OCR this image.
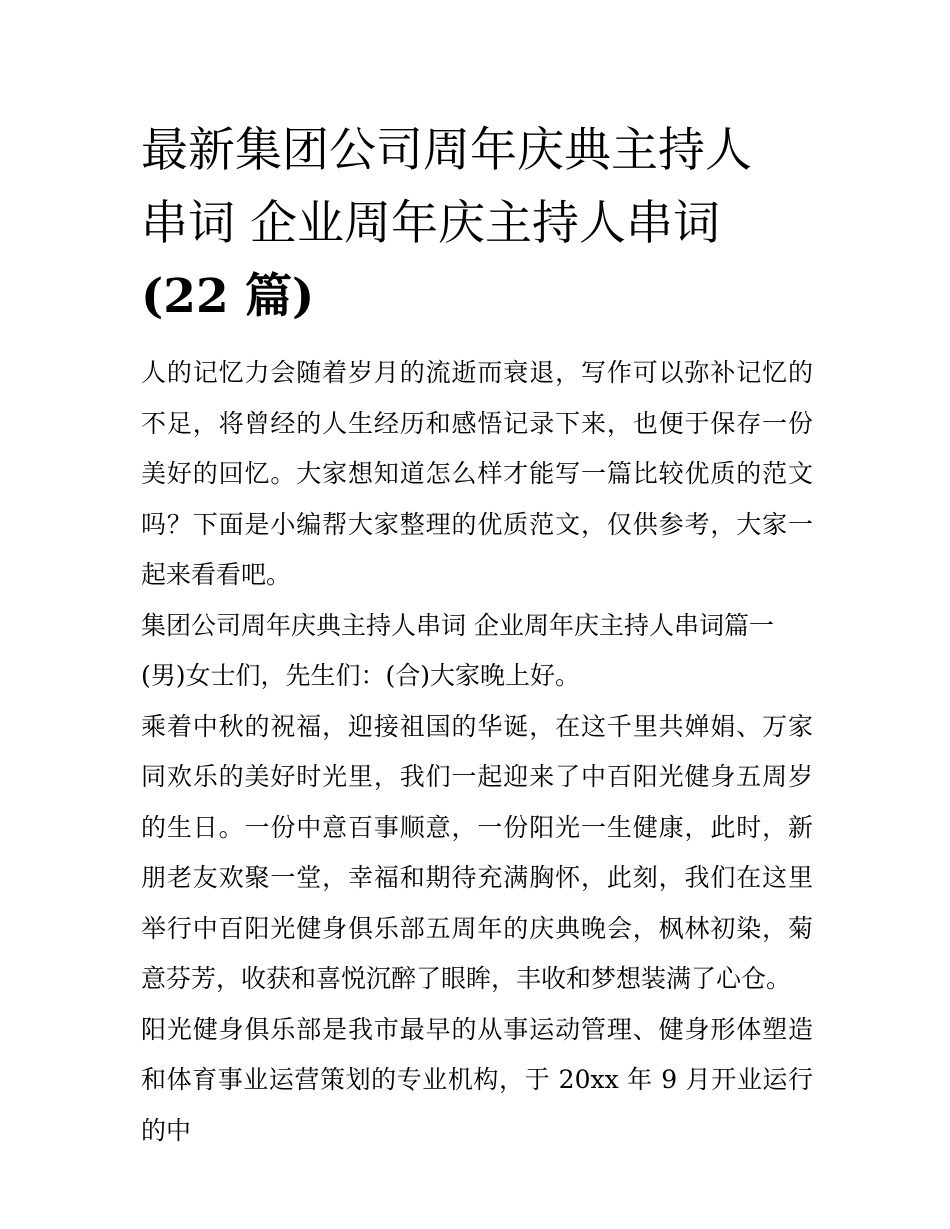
最新集团公司周年庆典主持人
串词 企业周年庆主持人串词
(22 篇)

人的记忆力会随着岁月的流逝而衰退，写作可以弥补记忆的不足，将曾经的人生经历和感悟记录下来，也便于保存一份美好的回忆。大家想知道怎么样才能写一篇比较优质的范文吗？下面是小编帮大家整理的优质范文，仅供参考，大家一起来看看吧。

集团公司周年庆典主持人串词 企业周年庆主持人串词篇一

(男)女士们，先生们：(合)大家晚上好。

乘着中秋的祝福，迎接祖国的华诞，在这千里共婵娟、万家同欢乐的美好时光里，我们一起迎来了中百阳光健身五周岁的生日。一份中意百事顺意，一份阳光一生健康，此时，新朋老友欢聚一堂，幸福和期待充满胸怀，此刻，我们在这里举行中百阳光健身俱乐部五周年的庆典晚会，枫林初染，菊意芬芳，收获和喜悦沉醉了眼眸，丰收和梦想装满了心仓。

阳光健身俱乐部是我市最早的从事运动管理、健身形体塑造和体育事业运营策划的专业机构，于 20xx 年 9 月开业运行的中
